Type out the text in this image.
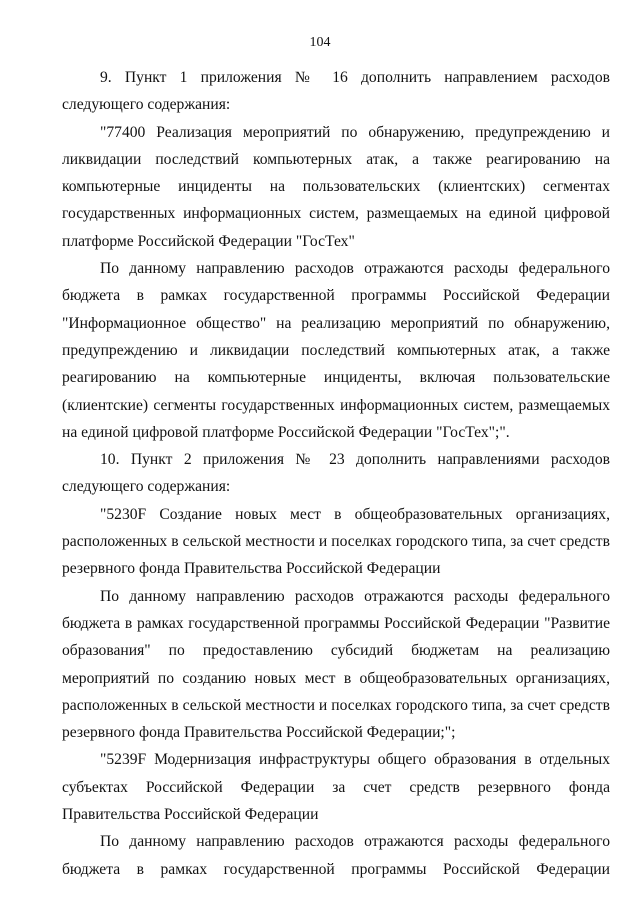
104

9. Пункт 1 приложения № 16 дополнить направлением расходов следующего содержания:

"77400 Реализация мероприятий по обнаружению, предупреждению и ликвидации последствий компьютерных атак, а также реагированию на компьютерные инциденты на пользовательских (клиентских) сегментах государственных информационных систем, размещаемых на единой цифровой платформе Российской Федерации "ГосТех"

По данному направлению расходов отражаются расходы федерального бюджета в рамках государственной программы Российской Федерации "Информационное общество" на реализацию мероприятий по обнаружению, предупреждению и ликвидации последствий компьютерных атак, а также реагированию на компьютерные инциденты, включая пользовательские (клиентские) сегменты государственных информационных систем, размещаемых на единой цифровой платформе Российской Федерации "ГосТех";".

10. Пункт 2 приложения № 23 дополнить направлениями расходов следующего содержания:

"5230F Создание новых мест в общеобразовательных организациях, расположенных в сельской местности и поселках городского типа, за счет средств резервного фонда Правительства Российской Федерации

По данному направлению расходов отражаются расходы федерального бюджета в рамках государственной программы Российской Федерации "Развитие образования" по предоставлению субсидий бюджетам на реализацию мероприятий по созданию новых мест в общеобразовательных организациях, расположенных в сельской местности и поселках городского типа, за счет средств резервного фонда Правительства Российской Федерации;";

"5239F Модернизация инфраструктуры общего образования в отдельных субъектах Российской Федерации за счет средств резервного фонда Правительства Российской Федерации

По данному направлению расходов отражаются расходы федерального бюджета в рамках государственной программы Российской Федерации
